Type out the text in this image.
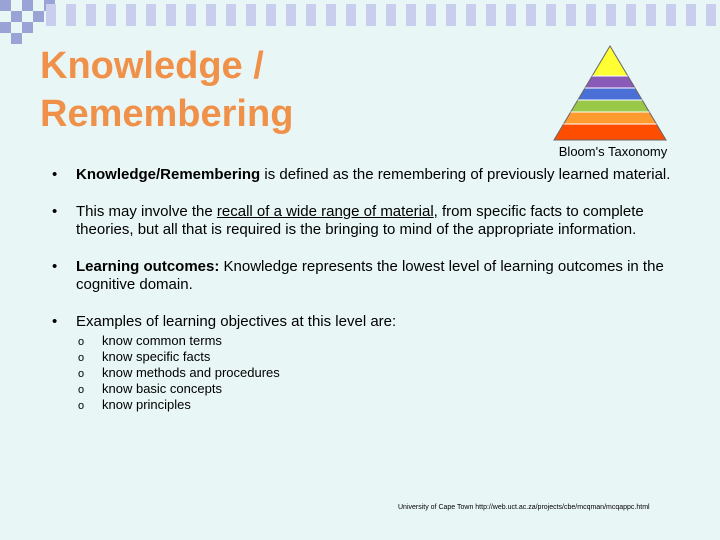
Knowledge /
Remembering
Bloom's Taxonomy
•	Knowledge/Remembering is defined as the remembering of previously learned material.
•	This may involve the recall of a wide range of material, from specific facts to complete theories, but all that is required is the bringing to mind of the appropriate information.
•	Learning outcomes: Knowledge represents the lowest level of learning outcomes in the cognitive domain.
•	Examples of learning objectives at this level are:
o know common terms
o know specific facts
o know methods and procedures
o know basic concepts
o know principles
University of Cape Town http://web.uct.ac.za/projects/cbe/mcqman/mcqappc.html
